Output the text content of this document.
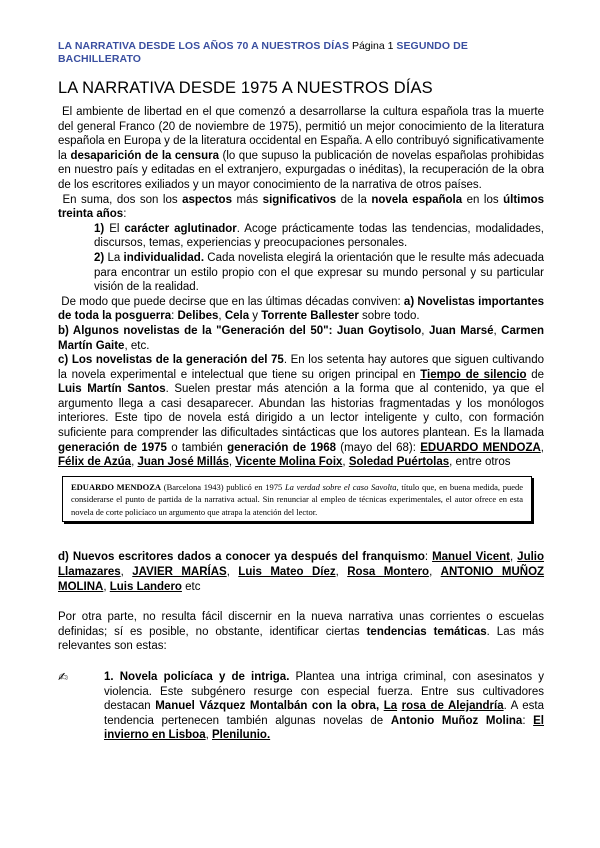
LA NARRATIVA DESDE LOS AÑOS 70 A NUESTROS DÍAS Página 1 SEGUNDO DE BACHILLERATO
LA NARRATIVA DESDE 1975 A NUESTROS DÍAS

El ambiente de libertad en el que comenzó a desarrollarse la cultura española tras la muerte del general Franco (20 de noviembre de 1975), permitió un mejor conocimiento de la literatura española en Europa y de la literatura occidental en España. A ello contribuyó significativamente la desaparición de la censura (lo que supuso la publicación de novelas españolas prohibidas en nuestro país y editadas en el extranjero, expurgadas o inéditas), la recuperación de la obra de los escritores exiliados y un mayor conocimiento de la narrativa de otros países.

En suma, dos son los aspectos más significativos de la novela española en los últimos treinta años:

1) El carácter aglutinador. Acoge prácticamente todas las tendencias, modalidades, discursos, temas, experiencias y preocupaciones personales.

2) La individualidad. Cada novelista elegirá la orientación que le resulte más adecuada para encontrar un estilo propio con el que expresar su mundo personal y su particular visión de la realidad.

De modo que puede decirse que en las últimas décadas conviven: a) Novelistas importantes de toda la posguerra: Delibes, Cela y Torrente Ballester sobre todo.

b) Algunos novelistas de la "Generación del 50": Juan Goytisolo, Juan Marsé, Carmen Martín Gaite, etc.

c) Los novelistas de la generación del 75. En los setenta hay autores que siguen cultivando la novela experimental e intelectual que tiene su origen principal en Tiempo de silencio de Luis Martín Santos. Suelen prestar más atención a la forma que al contenido, ya que el argumento llega a casi desaparecer. Abundan las historias fragmentadas y los monólogos interiores. Este tipo de novela está dirigido a un lector inteligente y culto, con formación suficiente para comprender las dificultades sintácticas que los autores plantean. Es la llamada generación de 1975 o también generación de 1968 (mayo del 68): EDUARDO MENDOZA, Félix de Azúa, Juan José Millás, Vicente Molina Foix, Soledad Puértolas, entre otros

EDUARDO MENDOZA (Barcelona 1943) publicó en 1975 La verdad sobre el caso Savolta, título que, en buena medida, puede considerarse el punto de partida de la narrativa actual. Sin renunciar al empleo de técnicas experimentales, el autor ofrece en esta novela de corte policíaco un argumento que atrapa la atención del lector.

d) Nuevos escritores dados a conocer ya después del franquismo: Manuel Vicent, Julio Llamazares, JAVIER MARÍAS, Luis Mateo Díez, Rosa Montero, ANTONIO MUÑOZ MOLINA, Luis Landero etc

Por otra parte, no resulta fácil discernir en la nueva narrativa unas corrientes o escuelas definidas; sí es posible, no obstante, identificar ciertas tendencias temáticas. Las más relevantes son estas:

✍	1. Novela policíaca y de intriga. Plantea una intriga criminal, con asesinatos y violencia. Este subgénero resurge con especial fuerza. Entre sus cultivadores destacan Manuel Vázquez Montalbán con la obra, La rosa de Alejandría. A esta tendencia pertenecen también algunas novelas de Antonio Muñoz Molina: El invierno en Lisboa, Plenilunio.
